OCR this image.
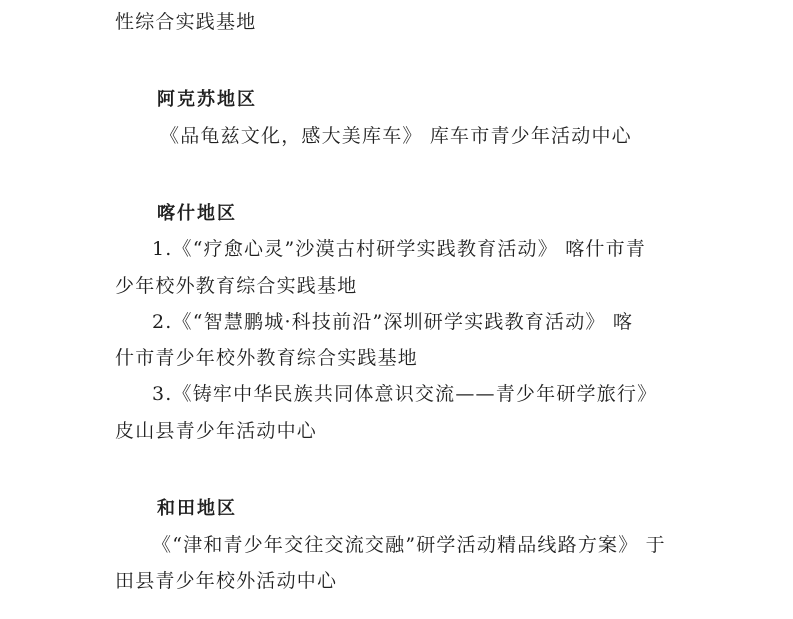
性综合实践基地
阿克苏地区
《品龟兹文化，感大美库车》 库车市青少年活动中心
喀什地区
1.《“疗愈心灵”沙漠古村研学实践教育活动》 喀什市青
少年校外教育综合实践基地
2.《“智慧鹏城·科技前沿”深圳研学实践教育活动》 喀
什市青少年校外教育综合实践基地
3.《铸牢中华民族共同体意识交流——青少年研学旅行》
皮山县青少年活动中心
和田地区
《“津和青少年交往交流交融”研学活动精品线路方案》 于
田县青少年校外活动中心
